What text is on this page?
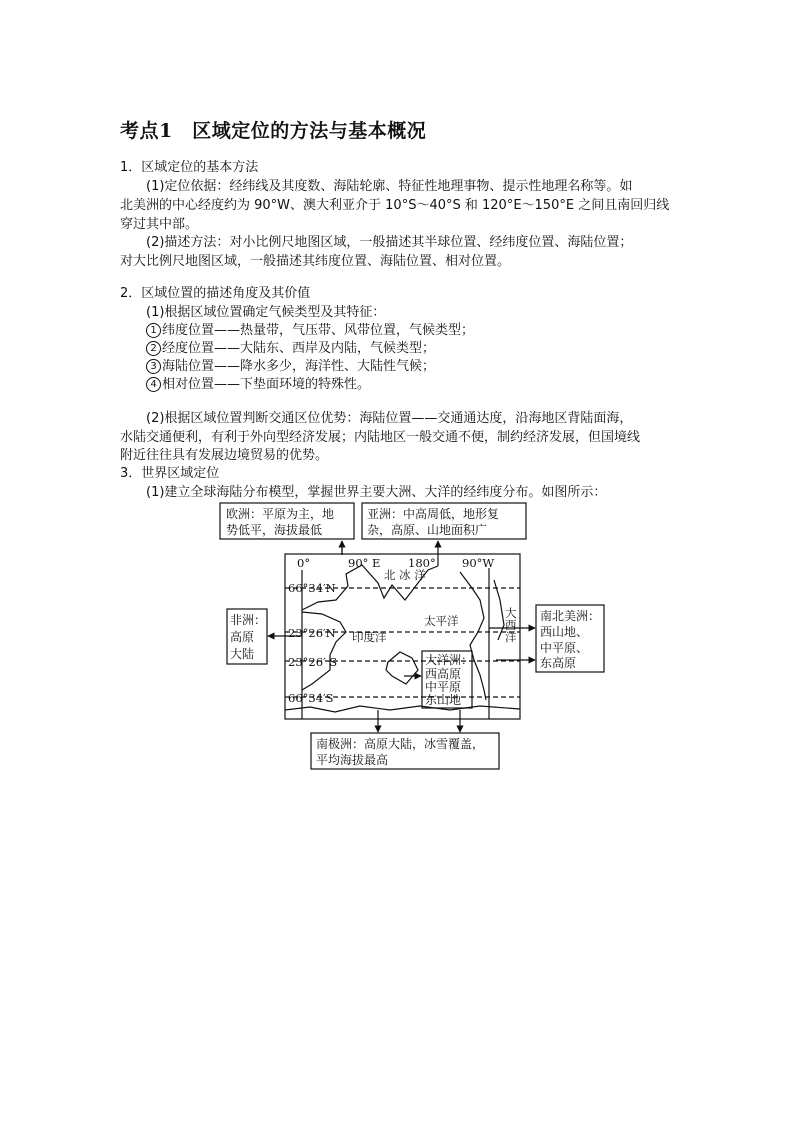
考点1　区域定位的方法与基本概况
1．区域定位的基本方法
(1)定位依据：经纬线及其度数、海陆轮廓、特征性地理事物、提示性地理名称等。如
北美洲的中心经度约为 90°W、澳大利亚介于 10°S～40°S 和 120°E～150°E 之间且南回归线
穿过其中部。
(2)描述方法：对小比例尺地图区域，一般描述其半球位置、经纬度位置、海陆位置；
对大比例尺地图区域，一般描述其纬度位置、海陆位置、相对位置。
2．区域位置的描述角度及其价值
(1)根据区域位置确定气候类型及其特征：
1 纬度位置——热量带，气压带、风带位置，气候类型；
2 经度位置——大陆东、西岸及内陆，气候类型；
3 海陆位置——降水多少，海洋性、大陆性气候；
4 相对位置——下垫面环境的特殊性。
(2)根据区域位置判断交通区位优势：海陆位置——交通通达度，沿海地区背陆面海，
水陆交通便利，有利于外向型经济发展；内陆地区一般交通不便，制约经济发展，但国境线
附近往往具有发展边境贸易的优势。
3．世界区域定位
(1)建立全球海陆分布模型，掌握世界主要大洲、大洋的经纬度分布。如图所示：
欧洲：平原为主，地
势低平，海拔最低
亚洲：中高周低，地形复
杂，高原、山地面积广
非洲：
高原
大陆
南北美洲：
西山地、
中平原、
东高原
大洋洲：
西高原
中平原
东山地
南极洲：高原大陆，冰雪覆盖，
平均海拔最高
0°	90° E 180° 90°W
66°34′N
23°26′N
23°26′ S
66°34′S
北 冰 洋
太平洋
印度洋
大
西
洋
